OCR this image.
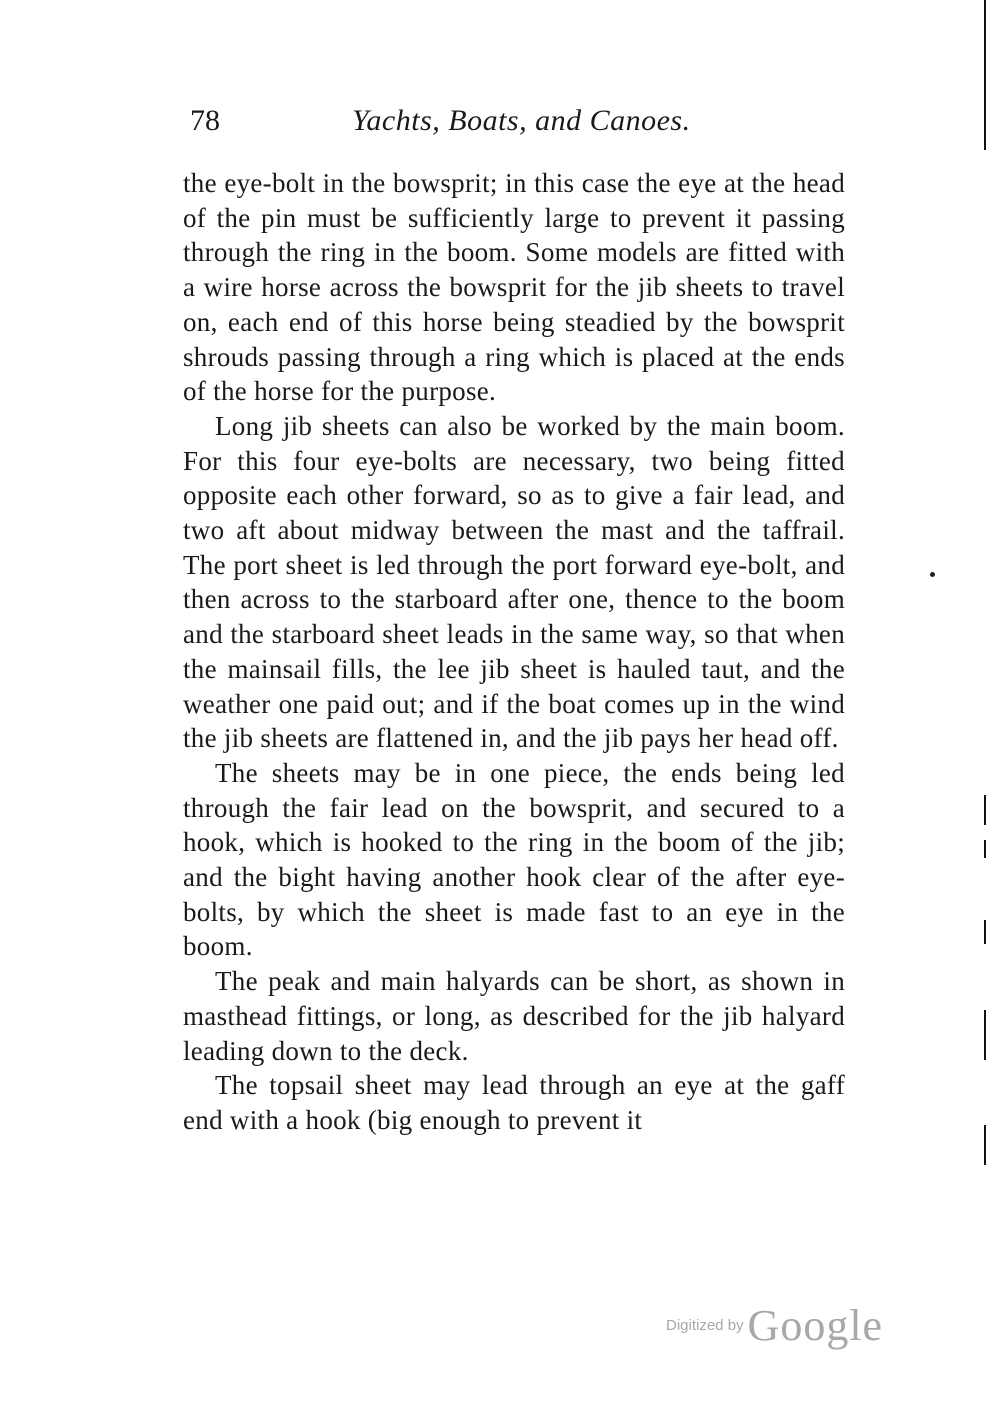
78	Yachts, Boats, and Canoes.

the eye-bolt in the bowsprit; in this case the eye at the head of the pin must be sufficiently large to prevent it passing through the ring in the boom. Some models are fitted with a wire horse across the bowsprit for the jib sheets to travel on, each end of this horse being steadied by the bowsprit shrouds passing through a ring which is placed at the ends of the horse for the purpose.

Long jib sheets can also be worked by the main boom. For this four eye-bolts are necessary, two being fitted opposite each other forward, so as to give a fair lead, and two aft about midway between the mast and the taffrail. The port sheet is led through the port forward eye-bolt, and then across to the starboard after one, thence to the boom and the starboard sheet leads in the same way, so that when the mainsail fills, the lee jib sheet is hauled taut, and the weather one paid out; and if the boat comes up in the wind the jib sheets are flattened in, and the jib pays her head off.

The sheets may be in one piece, the ends being led through the fair lead on the bowsprit, and secured to a hook, which is hooked to the ring in the boom of the jib; and the bight having another hook clear of the after eye-bolts, by which the sheet is made fast to an eye in the boom.

The peak and main halyards can be short, as shown in masthead fittings, or long, as described for the jib halyard leading down to the deck.

The topsail sheet may lead through an eye at the gaff end with a hook (big enough to prevent it

Digitized by Google
